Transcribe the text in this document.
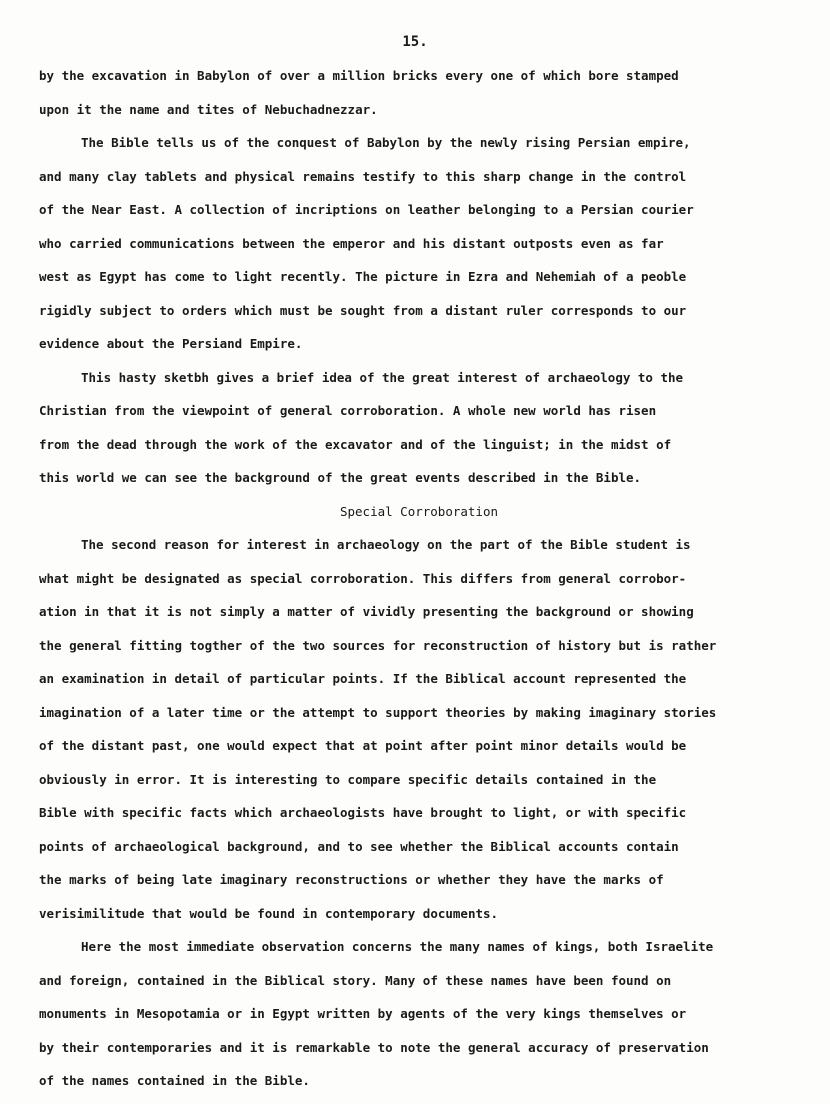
15.
by the excavation in Babylon of over a million bricks every one of which bore stamped
upon it the name and tites of Nebuchadnezzar.
The Bible tells us of the conquest of Babylon by the newly rising Persian empire,
and many clay tablets and physical remains testify to this sharp change in the control
of the Near East. A collection of incriptions on leather belonging to a Persian courier
who carried communications between the emperor and his distant outposts even as far
west as Egypt has come to light recently. The picture in Ezra and Nehemiah of a peoble
rigidly subject to orders which must be sought from a distant ruler corresponds to our
evidence about the Persiand Empire.
This hasty sketbh gives a brief idea of the great interest of archaeology to the
Christian from the viewpoint of general corroboration. A whole new world has risen
from the dead through the work of the excavator and of the linguist; in the midst of
this world we can see the background of the great events described in the Bible.
Special Corroboration
The second reason for interest in archaeology on the part of the Bible student is
what might be designated as special corroboration. This differs from general corrobor-
ation in that it is not simply a matter of vividly presenting the background or showing
the general fitting togther of the two sources for reconstruction of history but is rather
an examination in detail of particular points. If the Biblical account represented the
imagination of a later time or the attempt to support theories by making imaginary stories
of the distant past, one would expect that at point after point minor details would be
obviously in error. It is interesting to compare specific details contained in the
Bible with specific facts which archaeologists have brought to light, or with specific
points of archaeological background, and to see whether the Biblical accounts contain
the marks of being late imaginary reconstructions or whether they have the marks of
verisimilitude that would be found in contemporary documents.
Here the most immediate observation concerns the many names of kings, both Israelite
and foreign, contained in the Biblical story. Many of these names have been found on
monuments in Mesopotamia or in Egypt written by agents of the very kings themselves or
by their contemporaries and it is remarkable to note the general accuracy of preservation
of the names contained in the Bible.
